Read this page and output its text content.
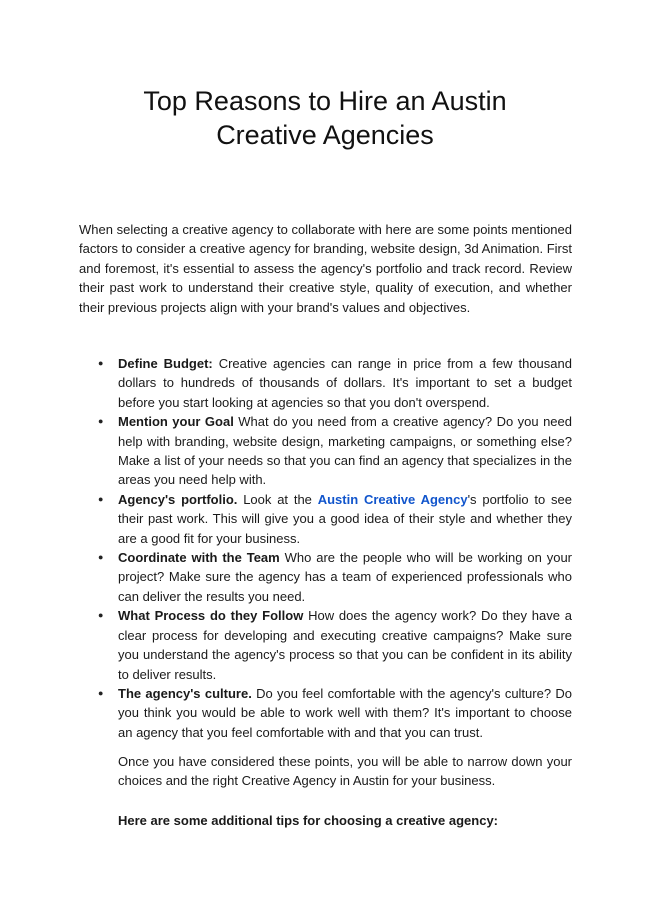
Top Reasons to Hire an Austin
Creative Agencies

When selecting a creative agency to collaborate with here are some points mentioned factors to consider a creative agency for branding, website design, 3d Animation. First and foremost, it's essential to assess the agency's portfolio and track record. Review their past work to understand their creative style, quality of execution, and whether their previous projects align with your brand's values and objectives.

● Define Budget: Creative agencies can range in price from a few thousand dollars to hundreds of thousands of dollars. It's important to set a budget before you start looking at agencies so that you don't overspend.
● Mention your Goal What do you need from a creative agency? Do you need help with branding, website design, marketing campaigns, or something else? Make a list of your needs so that you can find an agency that specializes in the areas you need help with.
● Agency's portfolio. Look at the Austin Creative Agency's portfolio to see their past work. This will give you a good idea of their style and whether they are a good fit for your business.
● Coordinate with the Team Who are the people who will be working on your project? Make sure the agency has a team of experienced professionals who can deliver the results you need.
● What Process do they Follow How does the agency work? Do they have a clear process for developing and executing creative campaigns? Make sure you understand the agency's process so that you can be confident in its ability to deliver results.
● The agency's culture. Do you feel comfortable with the agency's culture? Do you think you would be able to work well with them? It's important to choose an agency that you feel comfortable with and that you can trust.

Once you have considered these points, you will be able to narrow down your choices and the right Creative Agency in Austin for your business.

Here are some additional tips for choosing a creative agency:
